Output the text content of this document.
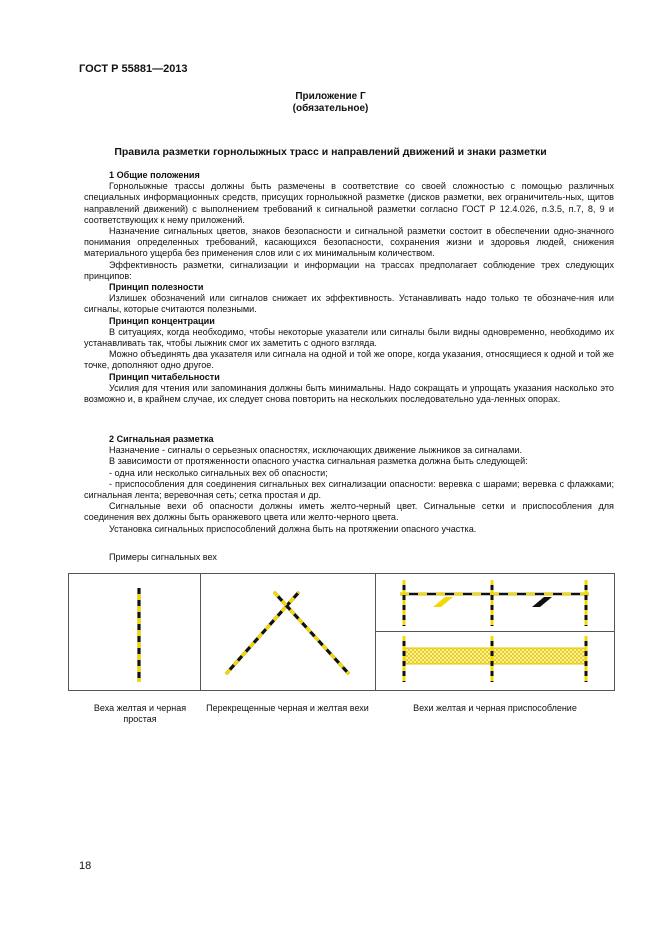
ГОСТ Р 55881—2013
Приложение Г
(обязательное)
Правила разметки горнолыжных трасс и направлений движений и знаки разметки

1 Общие положения

Горнолыжные трассы должны быть размечены в соответствие со своей сложностью с помощью различных специальных информационных средств, присущих горнолыжной разметке (дисков разметки, вех ограничитель-ных, щитов направлений движений) с выполнением требований к сигнальной разметки согласно ГОСТ Р 12.4.026, п.3.5, п.7, 8, 9 и соответствующих к нему приложений.

Назначение сигнальных цветов, знаков безопасности и сигнальной разметки состоит в обеспечении одно-значного понимания определенных требований, касающихся безопасности, сохранения жизни и здоровья людей, снижения материального ущерба без применения слов или с их минимальным количеством.

Эффективность разметки, сигнализации и информации на трассах предполагает соблюдение трех следующих принципов:

Принцип полезности

Излишек обозначений или сигналов снижает их эффективность. Устанавливать надо только те обозначе-ния или сигналы, которые считаются полезными.

Принцип концентрации

В ситуациях, когда необходимо, чтобы некоторые указатели или сигналы были видны одновременно, необходимо их устанавливать так, чтобы лыжник смог их заметить с одного взгляда.

Можно объединять два указателя или сигнала на одной и той же опоре, когда указания, относящиеся к одной и той же точке, дополняют одно другое.

Принцип читабельности

Усилия для чтения или запоминания должны быть минимальны. Надо сокращать и упрощать указания насколько это возможно и, в крайнем случае, их следует снова повторить на нескольких последовательно уда-ленных опорах.

2 Сигнальная разметка

Назначение - сигналы о серьезных опасностях, исключающих движение лыжников за сигналами.

В зависимости от протяженности опасного участка сигнальная разметка должна быть следующей:

- одна или несколько сигнальных вех об опасности;

- приспособления для соединения сигнальных вех сигнализации опасности: веревка с шарами; веревка с флажками; сигнальная лента; веревочная сеть; сетка простая и др.

Сигнальные вехи об опасности должны иметь желто-черный цвет. Сигнальные сетки и приспособления для соединения вех должны быть оранжевого цвета или желто-черного цвета.

Установка сигнальных приспособлений должна быть на протяжении опасного участка.

Примеры сигнальных вех

Веха желтая и черная простая
Перекрещенные черная и желтая вехи	Вехи желтая и черная приспособление
18
